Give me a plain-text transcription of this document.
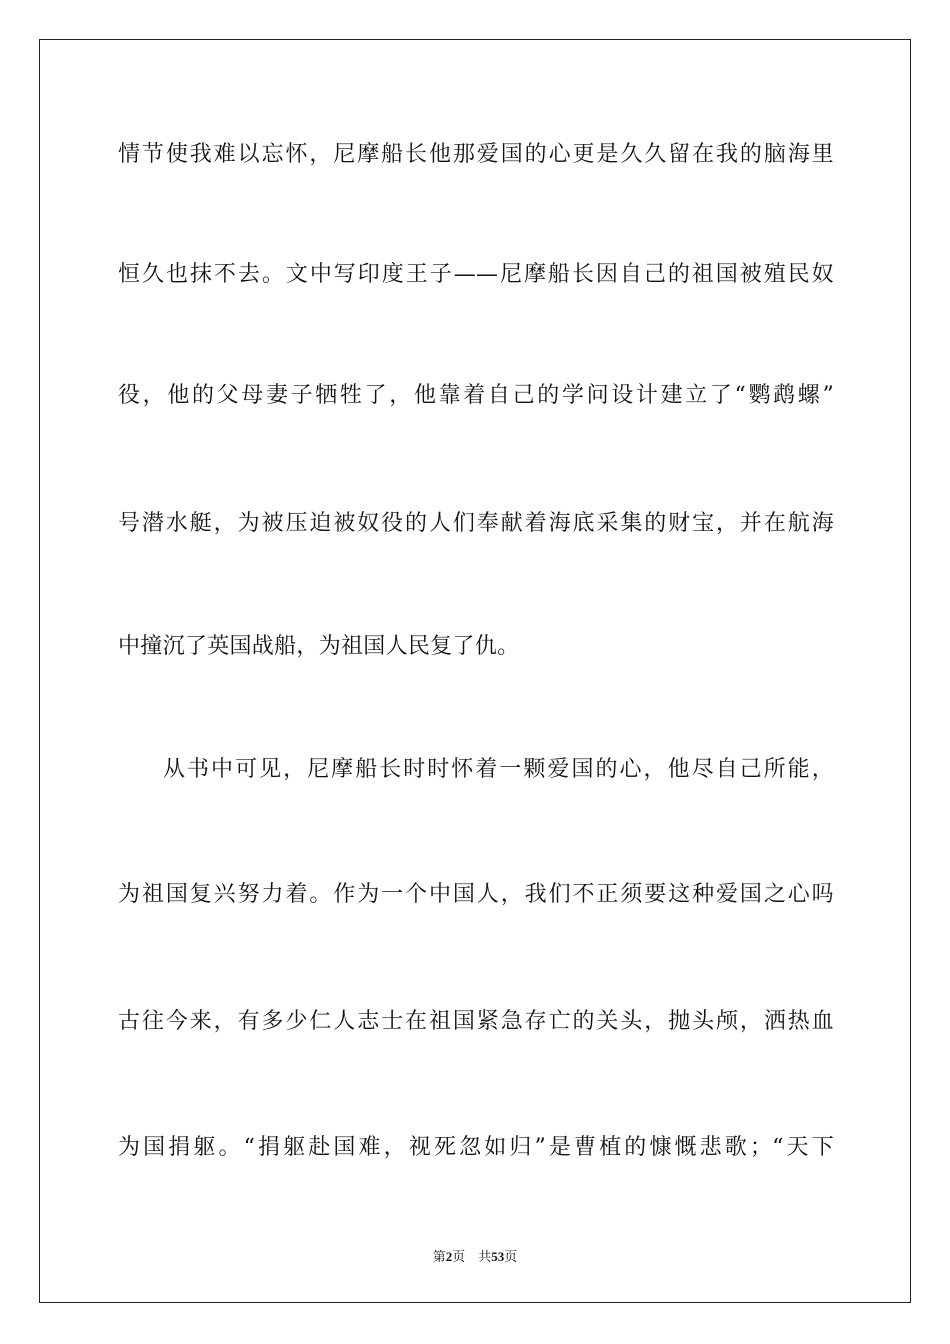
情节使我难以忘怀，尼摩船长他那爱国的心更是久久留在我的脑海里
恒久也抹不去。文中写印度王子——尼摩船长因自己的祖国被殖民奴
役，他的父母妻子牺牲了，他靠着自己的学问设计建立了“鹦鹉螺”
号潜水艇，为被压迫被奴役的人们奉献着海底采集的财宝，并在航海
中撞沉了英国战船，为祖国人民复了仇。
从书中可见，尼摩船长时时怀着一颗爱国的心，他尽自己所能，
为祖国复兴努力着。作为一个中国人，我们不正须要这种爱国之心吗
古往今来，有多少仁人志士在祖国紧急存亡的关头，抛头颅，洒热血
为国捐躯。“捐躯赴国难，视死忽如归”是曹植的慷慨悲歌；“天下
第2页 共53页
